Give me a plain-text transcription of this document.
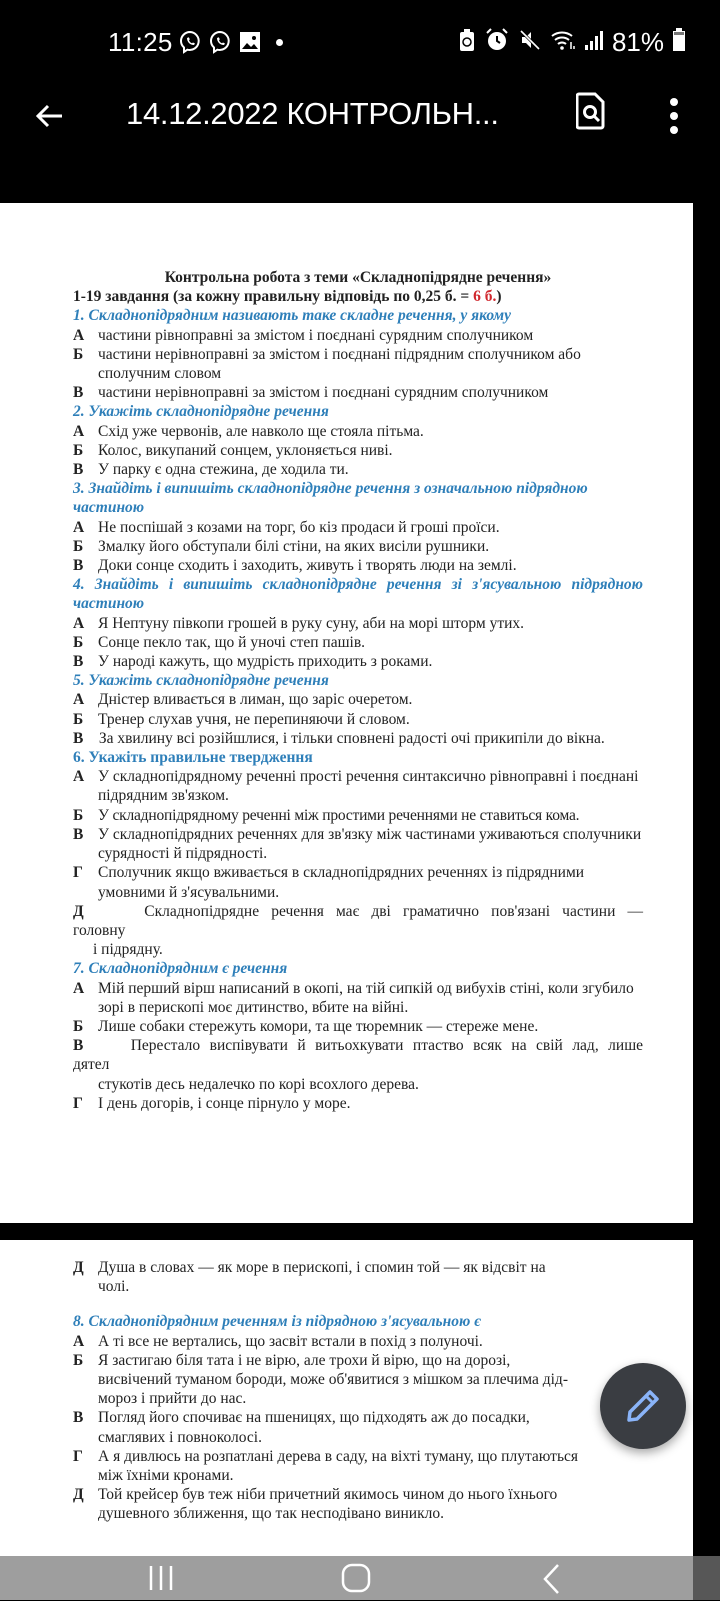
11:25	81%
14.12.2022 КОНТРОЛЬН...
Контрольна робота з теми «Складнопідрядне речення»
1-19 завдання (за кожну правильну відповідь по 0,25 б. = 6 б.)
1. Складнопідрядним називають таке складне речення, у якому
А частини рівноправні за змістом і поєднані сурядним сполучником
Б частини нерівноправні за змістом і поєднані підрядним сполучником або сполучним словом
В частини нерівноправні за змістом і поєднані сурядним сполучником
2. Укажіть складнопідрядне речення
А Схід уже червонів, але навколо ще стояла пітьма.
Б Колос, викупаний сонцем, уклоняється ниві.
В У парку є одна стежина, де ходила ти.
3. Знайдіть і випишіть складнопідрядне речення з означальною підрядною частиною
А Не поспішай з козами на торг, бо кіз продаси й гроші проїси.
Б Змалку його обступали білі стіни, на яких висіли рушники.
В Доки сонце сходить і заходить, живуть і творять люди на землі.
4. Знайдіть і випишіть складнопідрядне речення зі з'ясувальною підрядною частиною
А Я Нептуну півкопи грошей в руку суну, аби на морі шторм утих.
Б Сонце пекло так, що й уночі степ пашів.
В У народі кажуть, що мудрість приходить з роками.
5. Укажіть складнопідрядне речення
А Дністер вливається в лиман, що заріс очеретом.
Б Тренер слухав учня, не перепиняючи й словом.
В За хвилину всі розійшлися, і тільки сповнені радості очі прикипіли до вікна.
6. Укажіть правильне твердження
А У складнопідрядному реченні прості речення синтаксично рівноправні і поєднані підрядним зв'язком.
Б У складнопідрядному реченні між простими реченнями не ставиться кома.
В У складнопідрядних реченнях для зв'язку між частинами уживаються сполучники сурядності й підрядності.
Г Сполучник якщо вживається в складнопідрядних реченнях із підрядними умовними й з'ясувальними.
Д	Складнопідрядне речення має дві граматично пов'язані частини — головну
і підрядну.
7. Складнопідрядним є речення
А Мій перший вірш написаний в окопі, на тій сипкій од вибухів стіні, коли згубило зорі в перископі моє дитинство, вбите на війні.
Б Лише собаки стережуть комори, та ще тюремник — стереже мене.
В	Перестало виспівувати й витьохкувати птаство всяк на свій лад, лише дятел
стукотів десь недалечко по корі всохлого дерева.
Г І день догорів, і сонце пірнуло у море.
Д Душа в словах — як море в перископі, і спомин той — як відсвіт на чолі.
8. Складнопідрядним реченням із підрядною з'ясувальною є
А А ті все не вертались, що засвіт встали в похід з полуночі.
Б Я застигаю біля тата і не вірю, але трохи й вірю, що на дорозі, висвічений туманом бороди, може об'явитися з мішком за плечима дід-мороз і прийти до нас.
В Погляд його спочиває на пшеницях, що підходять аж до посадки, смаглявих і повноколосі.
Г А я дивлюсь на розпатлані дерева в саду, на віхті туману, що плутаються між їхніми кронами.
Д Той крейсер був теж ніби причетний якимось чином до нього їхнього душевного зближення, що так несподівано виникло.
